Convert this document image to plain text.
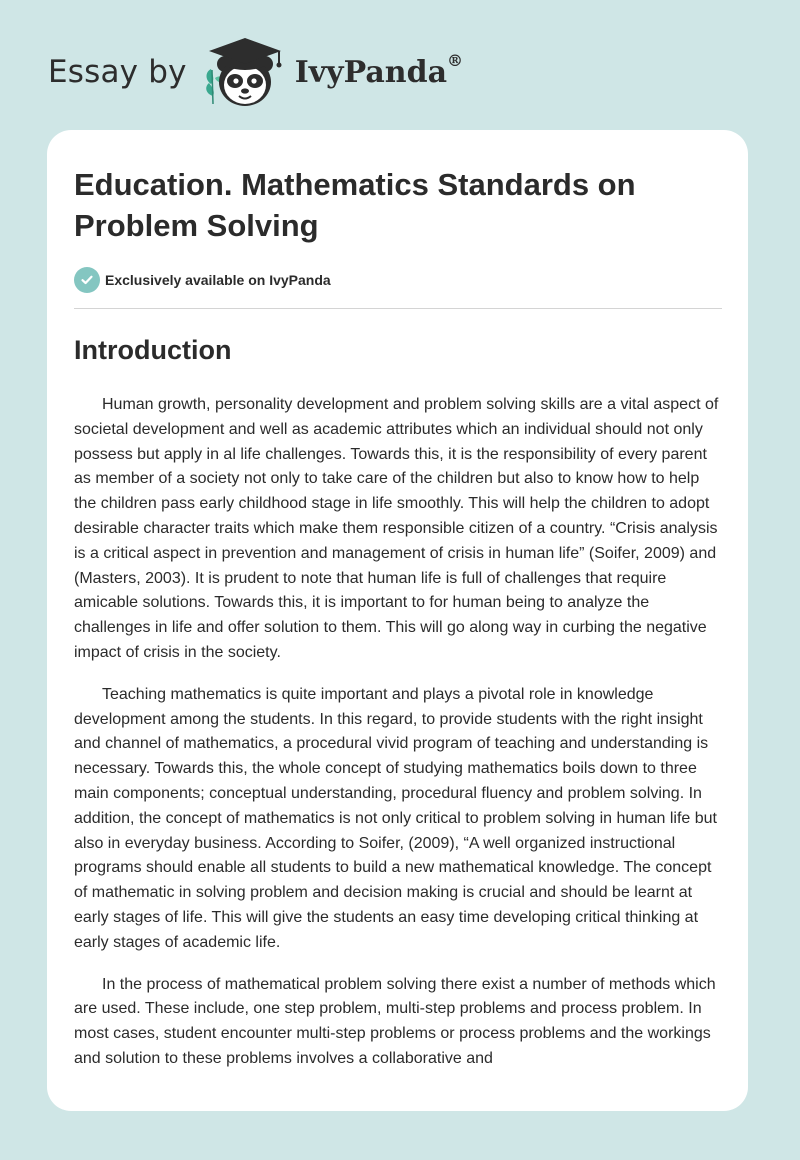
Essay by	IvyPanda®
Education. Mathematics Standards on Problem Solving
Exclusively available on IvyPanda
Introduction

Human growth, personality development and problem solving skills are a vital aspect of societal development and well as academic attributes which an individual should not only possess but apply in al life challenges. Towards this, it is the responsibility of every parent as member of a society not only to take care of the children but also to know how to help the children pass early childhood stage in life smoothly. This will help the children to adopt desirable character traits which make them responsible citizen of a country. “Crisis analysis is a critical aspect in prevention and management of crisis in human life” (Soifer, 2009) and (Masters, 2003). It is prudent to note that human life is full of challenges that require amicable solutions. Towards this, it is important to for human being to analyze the challenges in life and offer solution to them. This will go along way in curbing the negative impact of crisis in the society.

Teaching mathematics is quite important and plays a pivotal role in knowledge development among the students. In this regard, to provide students with the right insight and channel of mathematics, a procedural vivid program of teaching and understanding is necessary. Towards this, the whole concept of studying mathematics boils down to three main components; conceptual understanding, procedural fluency and problem solving. In addition, the concept of mathematics is not only critical to problem solving in human life but also in everyday business. According to Soifer, (2009), “A well organized instructional programs should enable all students to build a new mathematical knowledge. The concept of mathematic in solving problem and decision making is crucial and should be learnt at early stages of life. This will give the students an easy time developing critical thinking at early stages of academic life.

In the process of mathematical problem solving there exist a number of methods which are used. These include, one step problem, multi-step problems and process problem. In most cases, student encounter multi-step problems or process problems and the workings and solution to these problems involves a collaborative and
